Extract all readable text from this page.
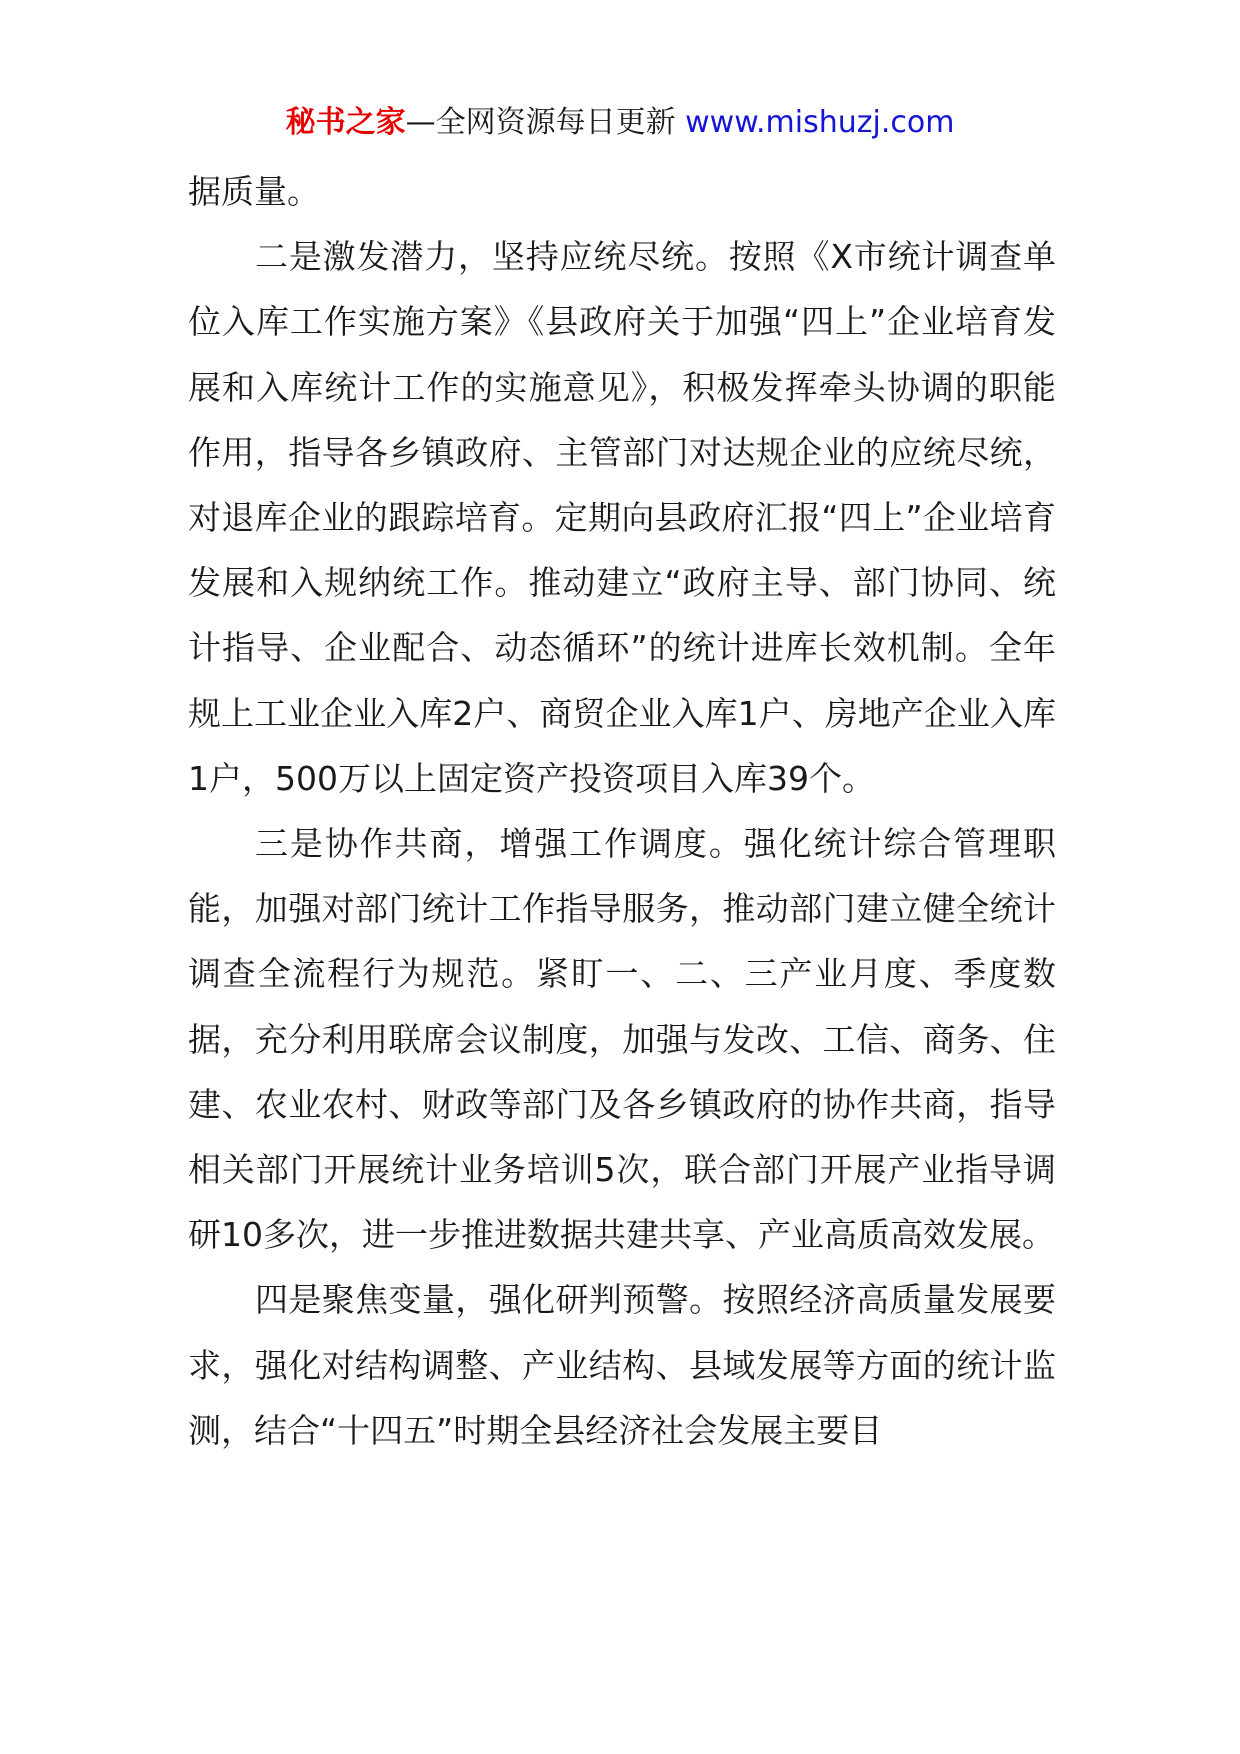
秘书之家—全网资源每日更新 www.mishuzj.com

据质量。

二是激发潜力，坚持应统尽统。按照《X市统计调查单位入库工作实施方案》《县政府关于加强“四上”企业培育发展和入库统计工作的实施意见》，积极发挥牵头协调的职能作用，指导各乡镇政府、主管部门对达规企业的应统尽统，对退库企业的跟踪培育。定期向县政府汇报“四上”企业培育发展和入规纳统工作。推动建立“政府主导、部门协同、统计指导、企业配合、动态循环”的统计进库长效机制。全年规上工业企业入库2户、商贸企业入库1户、房地产企业入库1户，500万以上固定资产投资项目入库39个。

三是协作共商，增强工作调度。强化统计综合管理职能，加强对部门统计工作指导服务，推动部门建立健全统计调查全流程行为规范。紧盯一、二、三产业月度、季度数据，充分利用联席会议制度，加强与发改、工信、商务、住建、农业农村、财政等部门及各乡镇政府的协作共商，指导相关部门开展统计业务培训5次，联合部门开展产业指导调研10多次，进一步推进数据共建共享、产业高质高效发展。

四是聚焦变量，强化研判预警。按照经济高质量发展要求，强化对结构调整、产业结构、县域发展等方面的统计监测，结合“十四五”时期全县经济社会发展主要目
